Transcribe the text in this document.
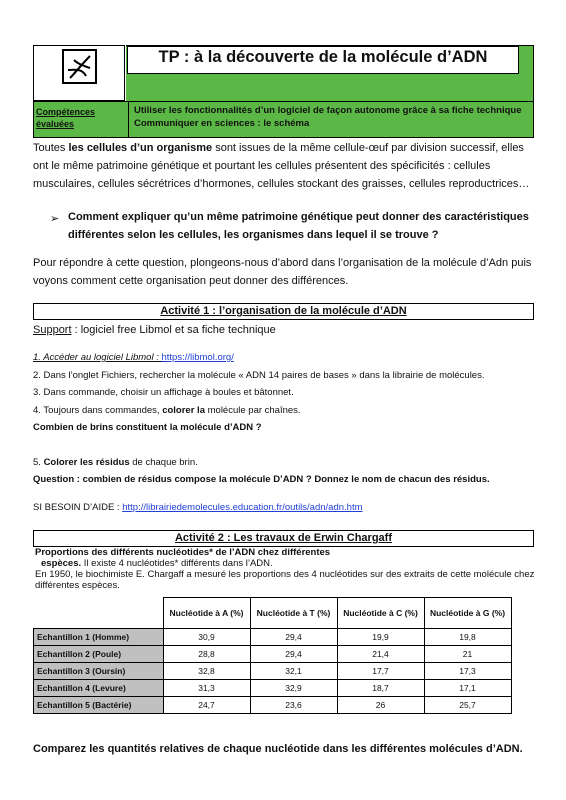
TP : à la découverte de la molécule d’ADN
Compétences évaluées
Utiliser les fonctionnalités d’un logiciel de façon autonome grâce à sa fiche technique
Communiquer en sciences : le schéma
Toutes les cellules d’un organisme sont issues de la même cellule-œuf par division successif, elles ont le même patrimoine génétique et pourtant les cellules présentent des spécificités : cellules musculaires, cellules sécrétrices d’hormones, cellules stockant des graisses, cellules reproductrices…
➢ Comment expliquer qu’un même patrimoine génétique peut donner des caractéristiques différentes selon les cellules, les organismes dans lequel il se trouve ?
Pour répondre à cette question, plongeons-nous d’abord dans l’organisation de la molécule d’Adn puis voyons comment cette organisation peut donner des différences.
Activité 1 : l’organisation de la molécule d’ADN
Support : logiciel free Libmol et sa fiche technique
1. Accéder au logiciel Libmol : https://libmol.org/
2. Dans l’onglet Fichiers, rechercher la molécule « ADN 14 paires de bases » dans la librairie de molécules.
3. Dans commande, choisir un affichage à boules et bâtonnet.
4. Toujours dans commandes, colorer la molécule par chaînes.
Combien de brins constituent la molécule d’ADN ?
5. Colorer les résidus de chaque brin.
Question : combien de résidus compose la molécule D’ADN ? Donnez le nom de chacun des résidus.
SI BESOIN D’AIDE : http://librairiedemolecules.education.fr/outils/adn/adn.htm
Activité 2 : Les travaux de Erwin Chargaff
Proportions des différents nucléotides* de l’ADN chez différentes
espèces. Il existe 4 nucléotides* différents dans l’ADN.
En 1950, le biochimiste E. Chargaff a mesuré les proportions des 4 nucléotides sur des extraits de cette molécule chez différentes espèces.
	Nucléotide à A (%)	Nucléotide à T (%)	Nucléotide à C (%)	Nucléotide à G (%)
Echantillon 1 (Homme)	30,9	29,4	19,9	19,8
Echantillon 2 (Poule)	28,8	29,4	21,4	21
Echantillon 3 (Oursin)	32,8	32,1	17,7	17,3
Echantillon 4 (Levure)	31,3	32,9	18,7	17,1
Echantillon 5 (Bactérie)	24,7	23,6	26	25,7
Comparez les quantités relatives de chaque nucléotide dans les différentes molécules d’ADN.
